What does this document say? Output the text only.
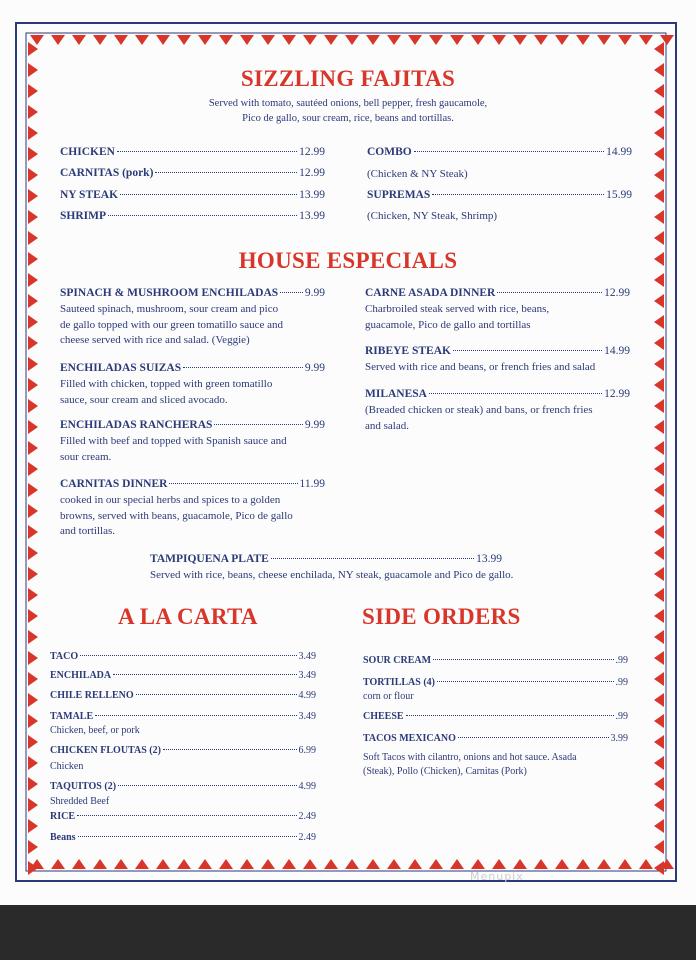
SIZZLING FAJITAS
Served with tomato, sautéed onions, bell pepper, fresh gaucamole,
Pico de gallo, sour cream, rice, beans and tortillas.
CHICKEN	12.99
CARNITAS (pork)	12.99
NY STEAK	13.99
SHRIMP	13.99
COMBO	14.99
(Chicken & NY Steak)
SUPREMAS	15.99
(Chicken, NY Steak, Shrimp)
HOUSE ESPECIALS
SPINACH & MUSHROOM ENCHILADAS 9.99
Sauteed spinach, mushroom, sour cream and pico
de gallo topped with our green tomatillo sauce and
cheese served with rice and salad. (Veggie)
ENCHILADAS SUIZAS	9.99
Filled with chicken, topped with green tomatillo
sauce, sour cream and sliced avocado.
ENCHILADAS RANCHERAS	9.99
Filled with beef and topped with Spanish sauce and
sour cream.
CARNITAS DINNER	11.99
cooked in our special herbs and spices to a golden
browns, served with beans, guacamole, Pico de gallo
and tortillas.
CARNE ASADA DINNER	12.99
Charbroiled steak served with rice, beans,
guacamole, Pico de gallo and tortillas
RIBEYE STEAK	14.99
Served with rice and beans, or french fries and salad
MILANESA	12.99
(Breaded chicken or steak) and bans, or french fries
and salad.
TAMPIQUENA PLATE	13.99
Served with rice, beans, cheese enchilada, NY steak, guacamole and Pico de gallo.
A LA CARTA
TACO	3.49
ENCHILADA	3.49
CHILE RELLENO	4.99
TAMALE	3.49
Chicken, beef, or pork
CHICKEN FLOUTAS (2)	6.99
Chicken
TAQUITOS (2)	4.99
Shredded Beef
RICE	2.49
Beans	2.49
SIDE ORDERS
SOUR CREAM	.99
TORTILLAS (4)	.99
corn or flour
CHEESE	.99
TACOS MEXICANO	3.99
Soft Tacos with cilantro, onions and hot sauce. Asada
(Steak), Pollo (Chicken), Carnitas (Pork)
Menupix
